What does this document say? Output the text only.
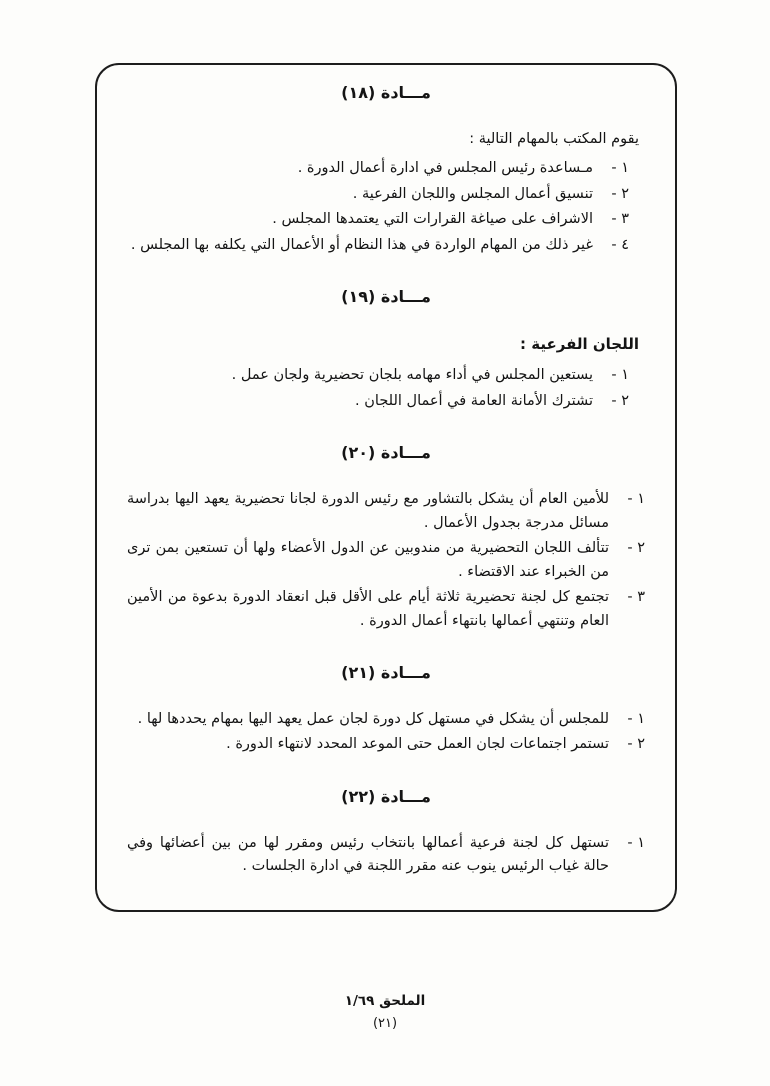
مـــادة (١٨)

يقوم المكتب بالمهام التالية :

١ -
مـساعدة رئيس المجلس في ادارة أعمال الدورة .
٢ -
تنسيق أعمال المجلس واللجان الفرعية .
٣ -
الاشراف على صياغة القرارات التي يعتمدها المجلس .
٤ -
غير ذلك من المهام الواردة في هذا النظام أو الأعمال التي يكلفه بها المجلس .
مـــادة (١٩)

اللجان الفرعية :

١ -
يستعين المجلس في أداء مهامه بلجان تحضيرية ولجان عمل .
٢ -
تشترك الأمانة العامة في أعمال اللجان .
مـــادة (٢٠)
١ -
للأمين العام أن يشكل بالتشاور مع رئيس الدورة لجانا تحضيرية يعهد اليها بدراسة مسائل مدرجة بجدول الأعمال .
٢ -
تتألف اللجان التحضيرية من مندوبين عن الدول الأعضاء ولها أن تستعين بمن ترى من الخبراء عند الاقتضاء .
٣ -
تجتمع كل لجنة تحضيرية ثلاثة أيام على الأقل قبل انعقاد الدورة بدعوة من الأمين العام وتنتهي أعمالها بانتهاء أعمال الدورة .
مـــادة (٢١)
١ -
للمجلس أن يشكل في مستهل كل دورة لجان عمل يعهد اليها بمهام يحددها لها .
٢ -
تستمر اجتماعات لجان العمل حتى الموعد المحدد لانتهاء الدورة .
مـــادة (٢٢)
١ -
تستهل كل لجنة فرعية أعمالها بانتخاب رئيس ومقرر لها من بين أعضائها وفي حالة غياب الرئيس ينوب عنه مقرر اللجنة في ادارة الجلسات .
الملحق ١/٦٩
(٢١)
